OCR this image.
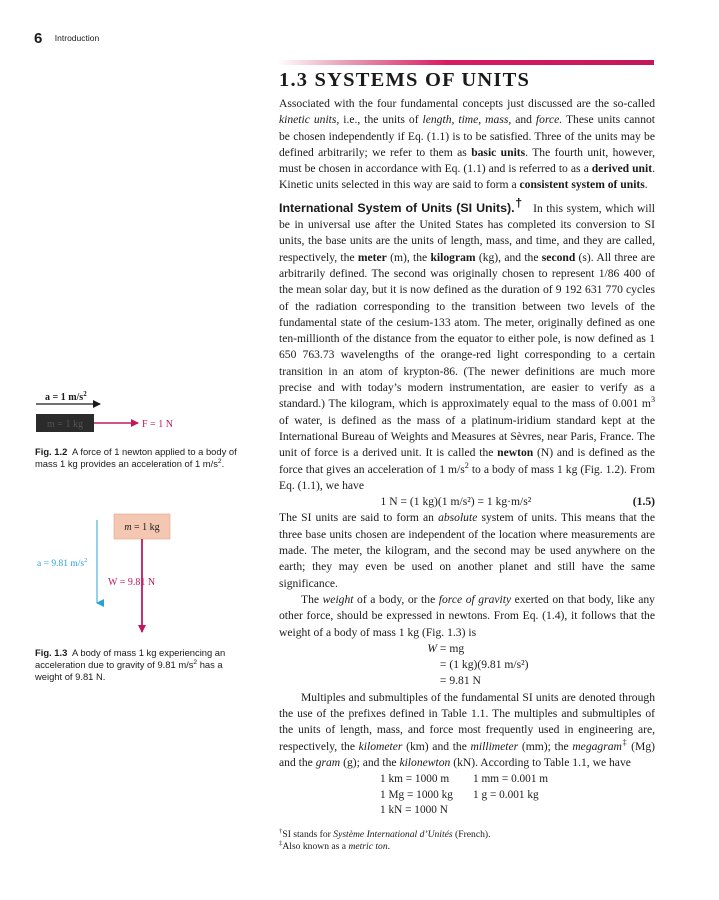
6 Introduction
1.3 SYSTEMS OF UNITS

Associated with the four fundamental concepts just discussed are the so-called kinetic units, i.e., the units of length, time, mass, and force. These units cannot be chosen independently if Eq. (1.1) is to be satisfied. Three of the units may be defined arbitrarily; we refer to them as basic units. The fourth unit, however, must be chosen in accordance with Eq. (1.1) and is referred to as a derived unit. Kinetic units selected in this way are said to form a consistent system of units.

International System of Units (SI Units).† In this system, which will be in universal use after the United States has completed its conversion to SI units, the base units are the units of length, mass, and time, and they are called, respectively, the meter (m), the kilogram (kg), and the second (s). All three are arbitrarily defined. The second was originally chosen to represent 1/86 400 of the mean solar day, but it is now defined as the duration of 9 192 631 770 cycles of the radiation corresponding to the transition between two levels of the fundamental state of the cesium-133 atom. The meter, originally defined as one ten-millionth of the distance from the equator to either pole, is now defined as 1 650 763.73 wavelengths of the orange-red light corresponding to a certain transition in an atom of krypton-86. (The newer definitions are much more precise and with today’s modern instrumentation, are easier to verify as a standard.) The kilogram, which is approximately equal to the mass of 0.001 $m^3$ of water, is defined as the mass of a platinum-iridium standard kept at the International Bureau of Weights and Measures at Sèvres, near Paris, France. The unit of force is a derived unit. It is called the newton (N) and is defined as the force that gives an acceleration of 1 $m/s^2$ to a body of mass 1 kg (Fig. 1.2). From Eq. (1.1), we have

1 N = (1 kg)(1 m/s²) = 1 kg·m/s²	(1.5)

The SI units are said to form an absolute system of units. This means that the three base units chosen are independent of the location where measurements are made. The meter, the kilogram, and the second may be used anywhere on the earth; they may even be used on another planet and still have the same significance.

The weight of a body, or the force of gravity exerted on that body, like any other force, should be expressed in newtons. From Eq. (1.4), it follows that the weight of a body of mass 1 kg (Fig. 1.3) is

W = mg
= (1 kg)(9.81 m/s²)
= 9.81 N

Multiples and submultiples of the fundamental SI units are denoted through the use of the prefixes defined in Table 1.1. The multiples and submultiples of the units of length, mass, and force most frequently used in engineering are, respectively, the kilometer (km) and the millimeter (mm); the megagram‡ (Mg) and the gram (g); and the kilonewton (kN). According to Table 1.1, we have

1 km = 1000 m 1 mm = 0.001 m
1 Mg = 1000 kg 1 g = 0.001 kg
1 kN = 1000 N
†SI stands for Système International d’Unités (French).
‡Also known as a metric ton.
a = 1 $m/s^2$
m = 1 kg	F = 1 N
m = 1 kg
W = 9.81 N
a = 9.81 $m/s^2$
Fig. 1.2 A force of 1 newton applied to a body of mass 1 kg provides an acceleration of 1 $m/s^2$.
Fig. 1.3 A body of mass 1 kg experiencing an acceleration due to gravity of 9.81 $m/s^2$ has a weight of 9.81 N.
